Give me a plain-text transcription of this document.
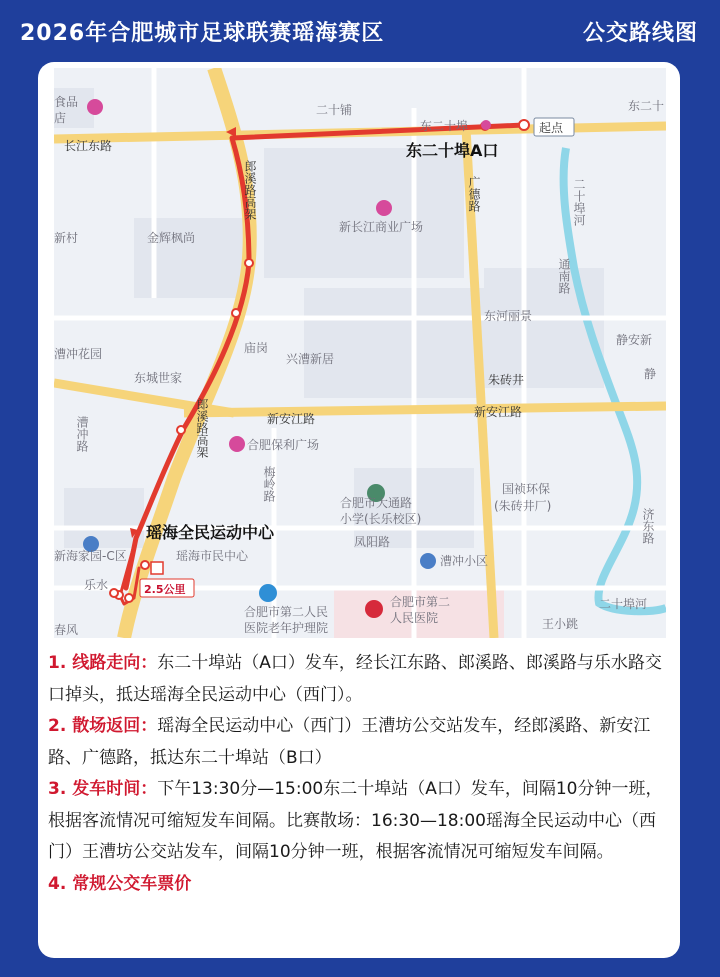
2026年合肥城市足球联赛瑶海赛区	公交路线图
起点
2.5公里
食品
店
二十铺	东二十
东二十埠
长江东路	东二十埠A口
新长江商业广场
新村	金辉枫尚
东河丽景
静安新
静
漕冲花园	庙岗
兴漕新居
东城世家	朱砖井
新安江路	新安江路
合肥保利广场
合肥市大通路
小学(长乐校区)
国祯环保
(朱砖井厂)
瑶海全民运动中心
新海家园-C区	瑶海市民中心	漕冲小区
乐水
春风
合肥市第二人民
医院老年护理院
合肥市第二
人民医院
二十埠河
王小跳
郎溪路高架	广德路	二十埠河
通南路
郎溪路高架
漕冲路
梅岭路
济东路
凤阳路

1. 线路走向：东二十埠站（A口）发车，经长江东路、郎溪路、郎溪路与乐水路交口掉头，抵达瑶海全民运动中心（西门）。

2. 散场返回：瑶海全民运动中心（西门）王漕坊公交站发车，经郎溪路、新安江路、广德路，抵达东二十埠站（B口）

3. 发车时间：下午13:30分—15:00东二十埠站（A口）发车，间隔10分钟一班，根据客流情况可缩短发车间隔。比赛散场：16:30—18:00瑶海全民运动中心（西门）王漕坊公交站发车，间隔10分钟一班，根据客流情况可缩短发车间隔。

4. 常规公交车票价
